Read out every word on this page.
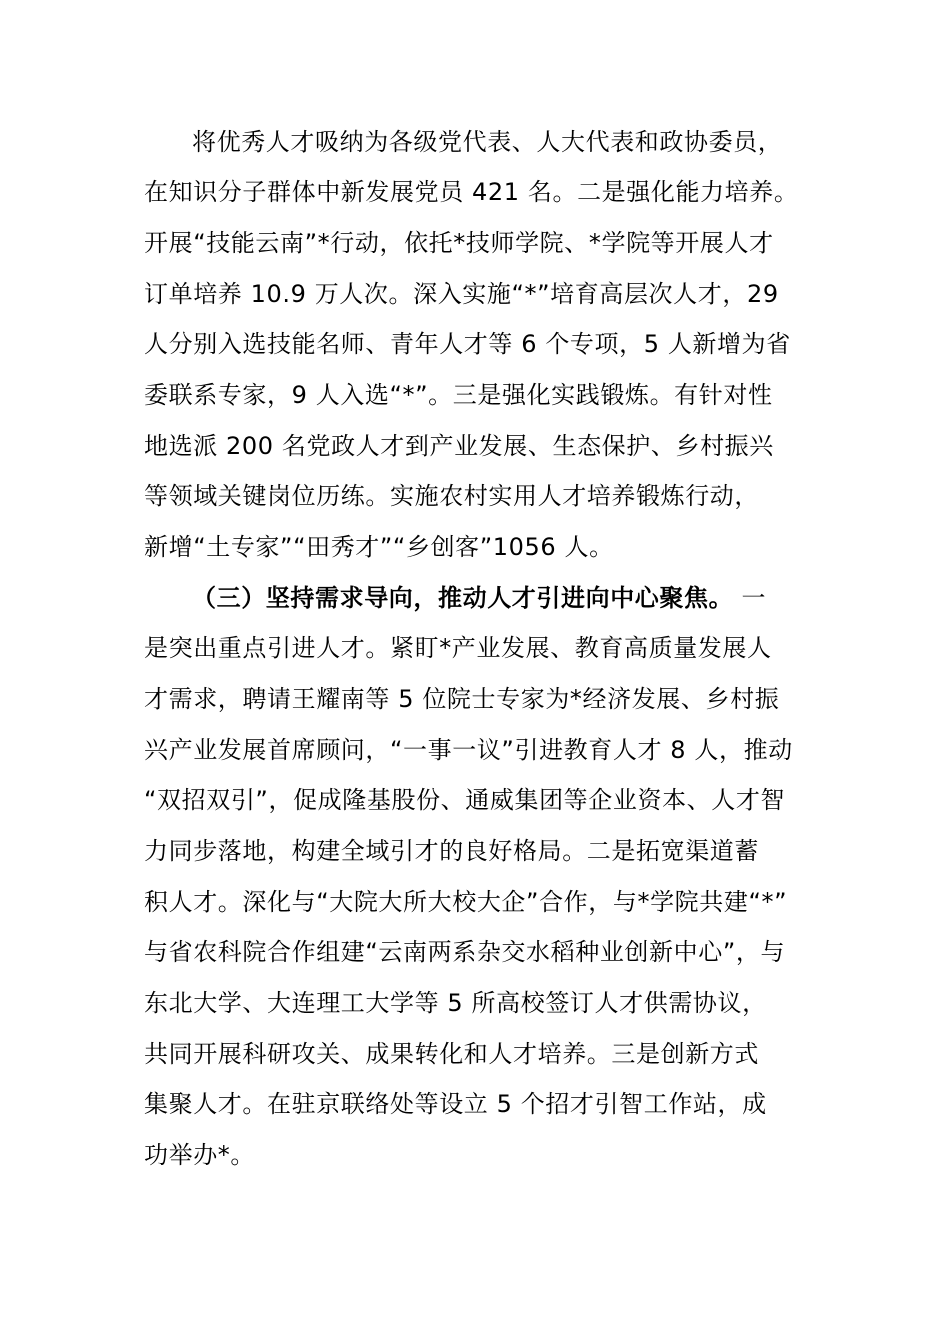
将优秀人才吸纳为各级党代表、人大代表和政协委员，
在知识分子群体中新发展党员 421 名。二是强化能力培养。
开展“技能云南”*行动，依托*技师学院、*学院等开展人才
订单培养 10.9 万人次。深入实施“*”培育高层次人才，29
人分别入选技能名师、青年人才等 6 个专项，5 人新增为省
委联系专家，9 人入选“*”。三是强化实践锻炼。有针对性
地选派 200 名党政人才到产业发展、生态保护、乡村振兴
等领域关键岗位历练。实施农村实用人才培养锻炼行动，
新增“土专家”“田秀才”“乡创客”1056 人。
（三）坚持需求导向，推动人才引进向中心聚焦。 一
是突出重点引进人才。紧盯*产业发展、教育高质量发展人
才需求，聘请王耀南等 5 位院士专家为*经济发展、乡村振
兴产业发展首席顾问，“一事一议”引进教育人才 8 人，推动
“双招双引”，促成隆基股份、通威集团等企业资本、人才智
力同步落地，构建全域引才的良好格局。二是拓宽渠道蓄
积人才。深化与“大院大所大校大企”合作，与*学院共建“*”
与省农科院合作组建“云南两系杂交水稻种业创新中心”，与
东北大学、大连理工大学等 5 所高校签订人才供需协议，
共同开展科研攻关、成果转化和人才培养。三是创新方式
集聚人才。在驻京联络处等设立 5 个招才引智工作站，成
功举办*。
